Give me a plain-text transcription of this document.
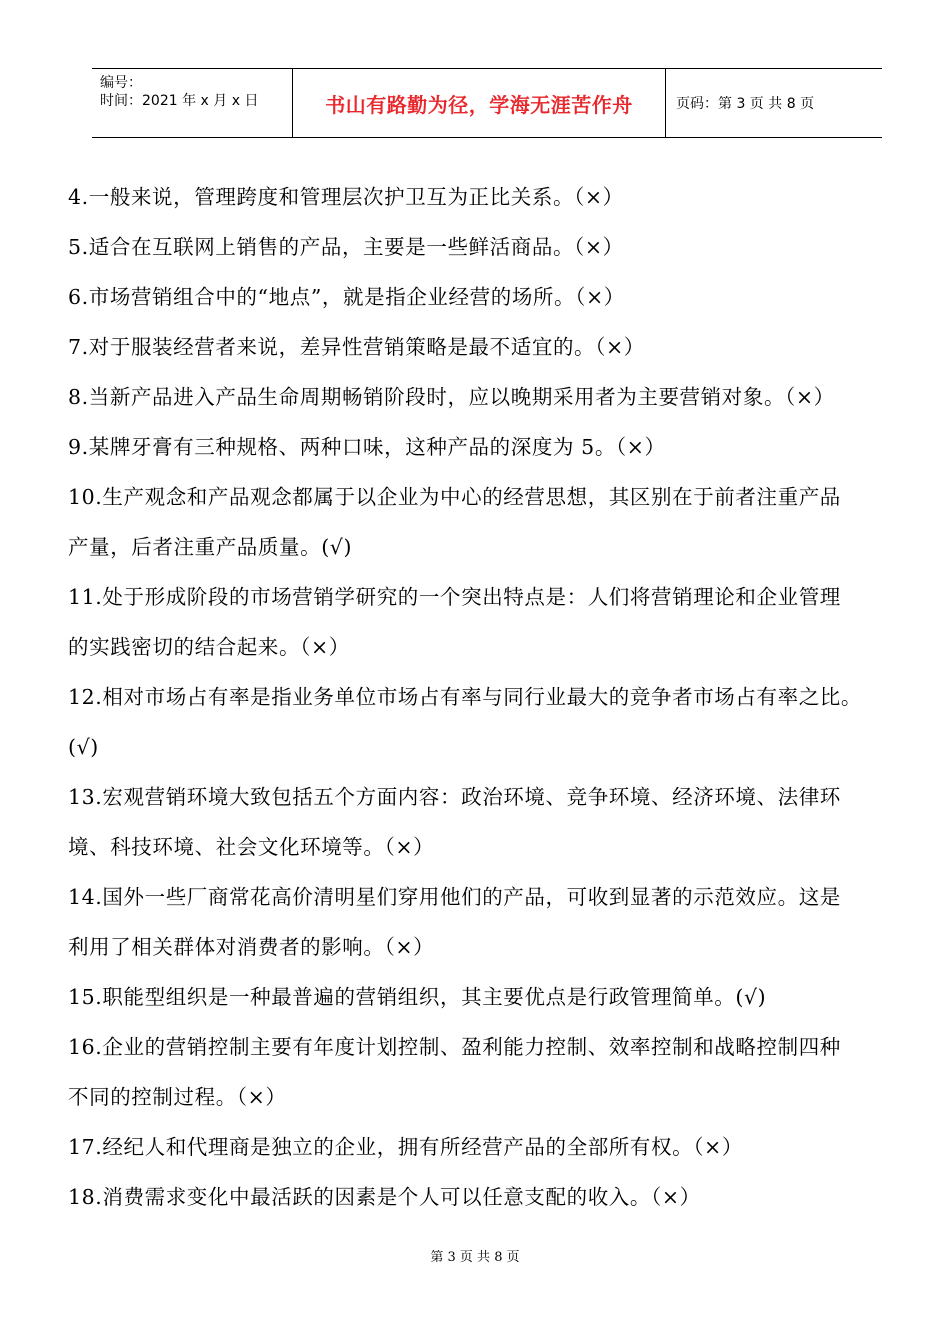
编号：
时间：2021 年 x 月 x 日	书山有路勤为径，学海无涯苦作舟	页码：第 3 页 共 8 页
4.一般来说，管理跨度和管理层次护卫互为正比关系。（×）
5.适合在互联网上销售的产品，主要是一些鲜活商品。（×）
6.市场营销组合中的“地点”，就是指企业经营的场所。（×）
7.对于服装经营者来说，差异性营销策略是最不适宜的。（×）
8.当新产品进入产品生命周期畅销阶段时，应以晚期采用者为主要营销对象。（×）
9.某牌牙膏有三种规格、两种口味，这种产品的深度为 5。（×）
10.生产观念和产品观念都属于以企业为中心的经营思想，其区别在于前者注重产品
产量，后者注重产品质量。(√)
11.处于形成阶段的市场营销学研究的一个突出特点是：人们将营销理论和企业管理
的实践密切的结合起来。（×）
12.相对市场占有率是指业务单位市场占有率与同行业最大的竞争者市场占有率之比。
(√)
13.宏观营销环境大致包括五个方面内容：政治环境、竞争环境、经济环境、法律环
境、科技环境、社会文化环境等。（×）
14.国外一些厂商常花高价清明星们穿用他们的产品，可收到显著的示范效应。这是
利用了相关群体对消费者的影响。（×）
15.职能型组织是一种最普遍的营销组织，其主要优点是行政管理简单。(√)
16.企业的营销控制主要有年度计划控制、盈利能力控制、效率控制和战略控制四种
不同的控制过程。（×）
17.经纪人和代理商是独立的企业，拥有所经营产品的全部所有权。（×）
18.消费需求变化中最活跃的因素是个人可以任意支配的收入。（×）
第 3 页 共 8 页
